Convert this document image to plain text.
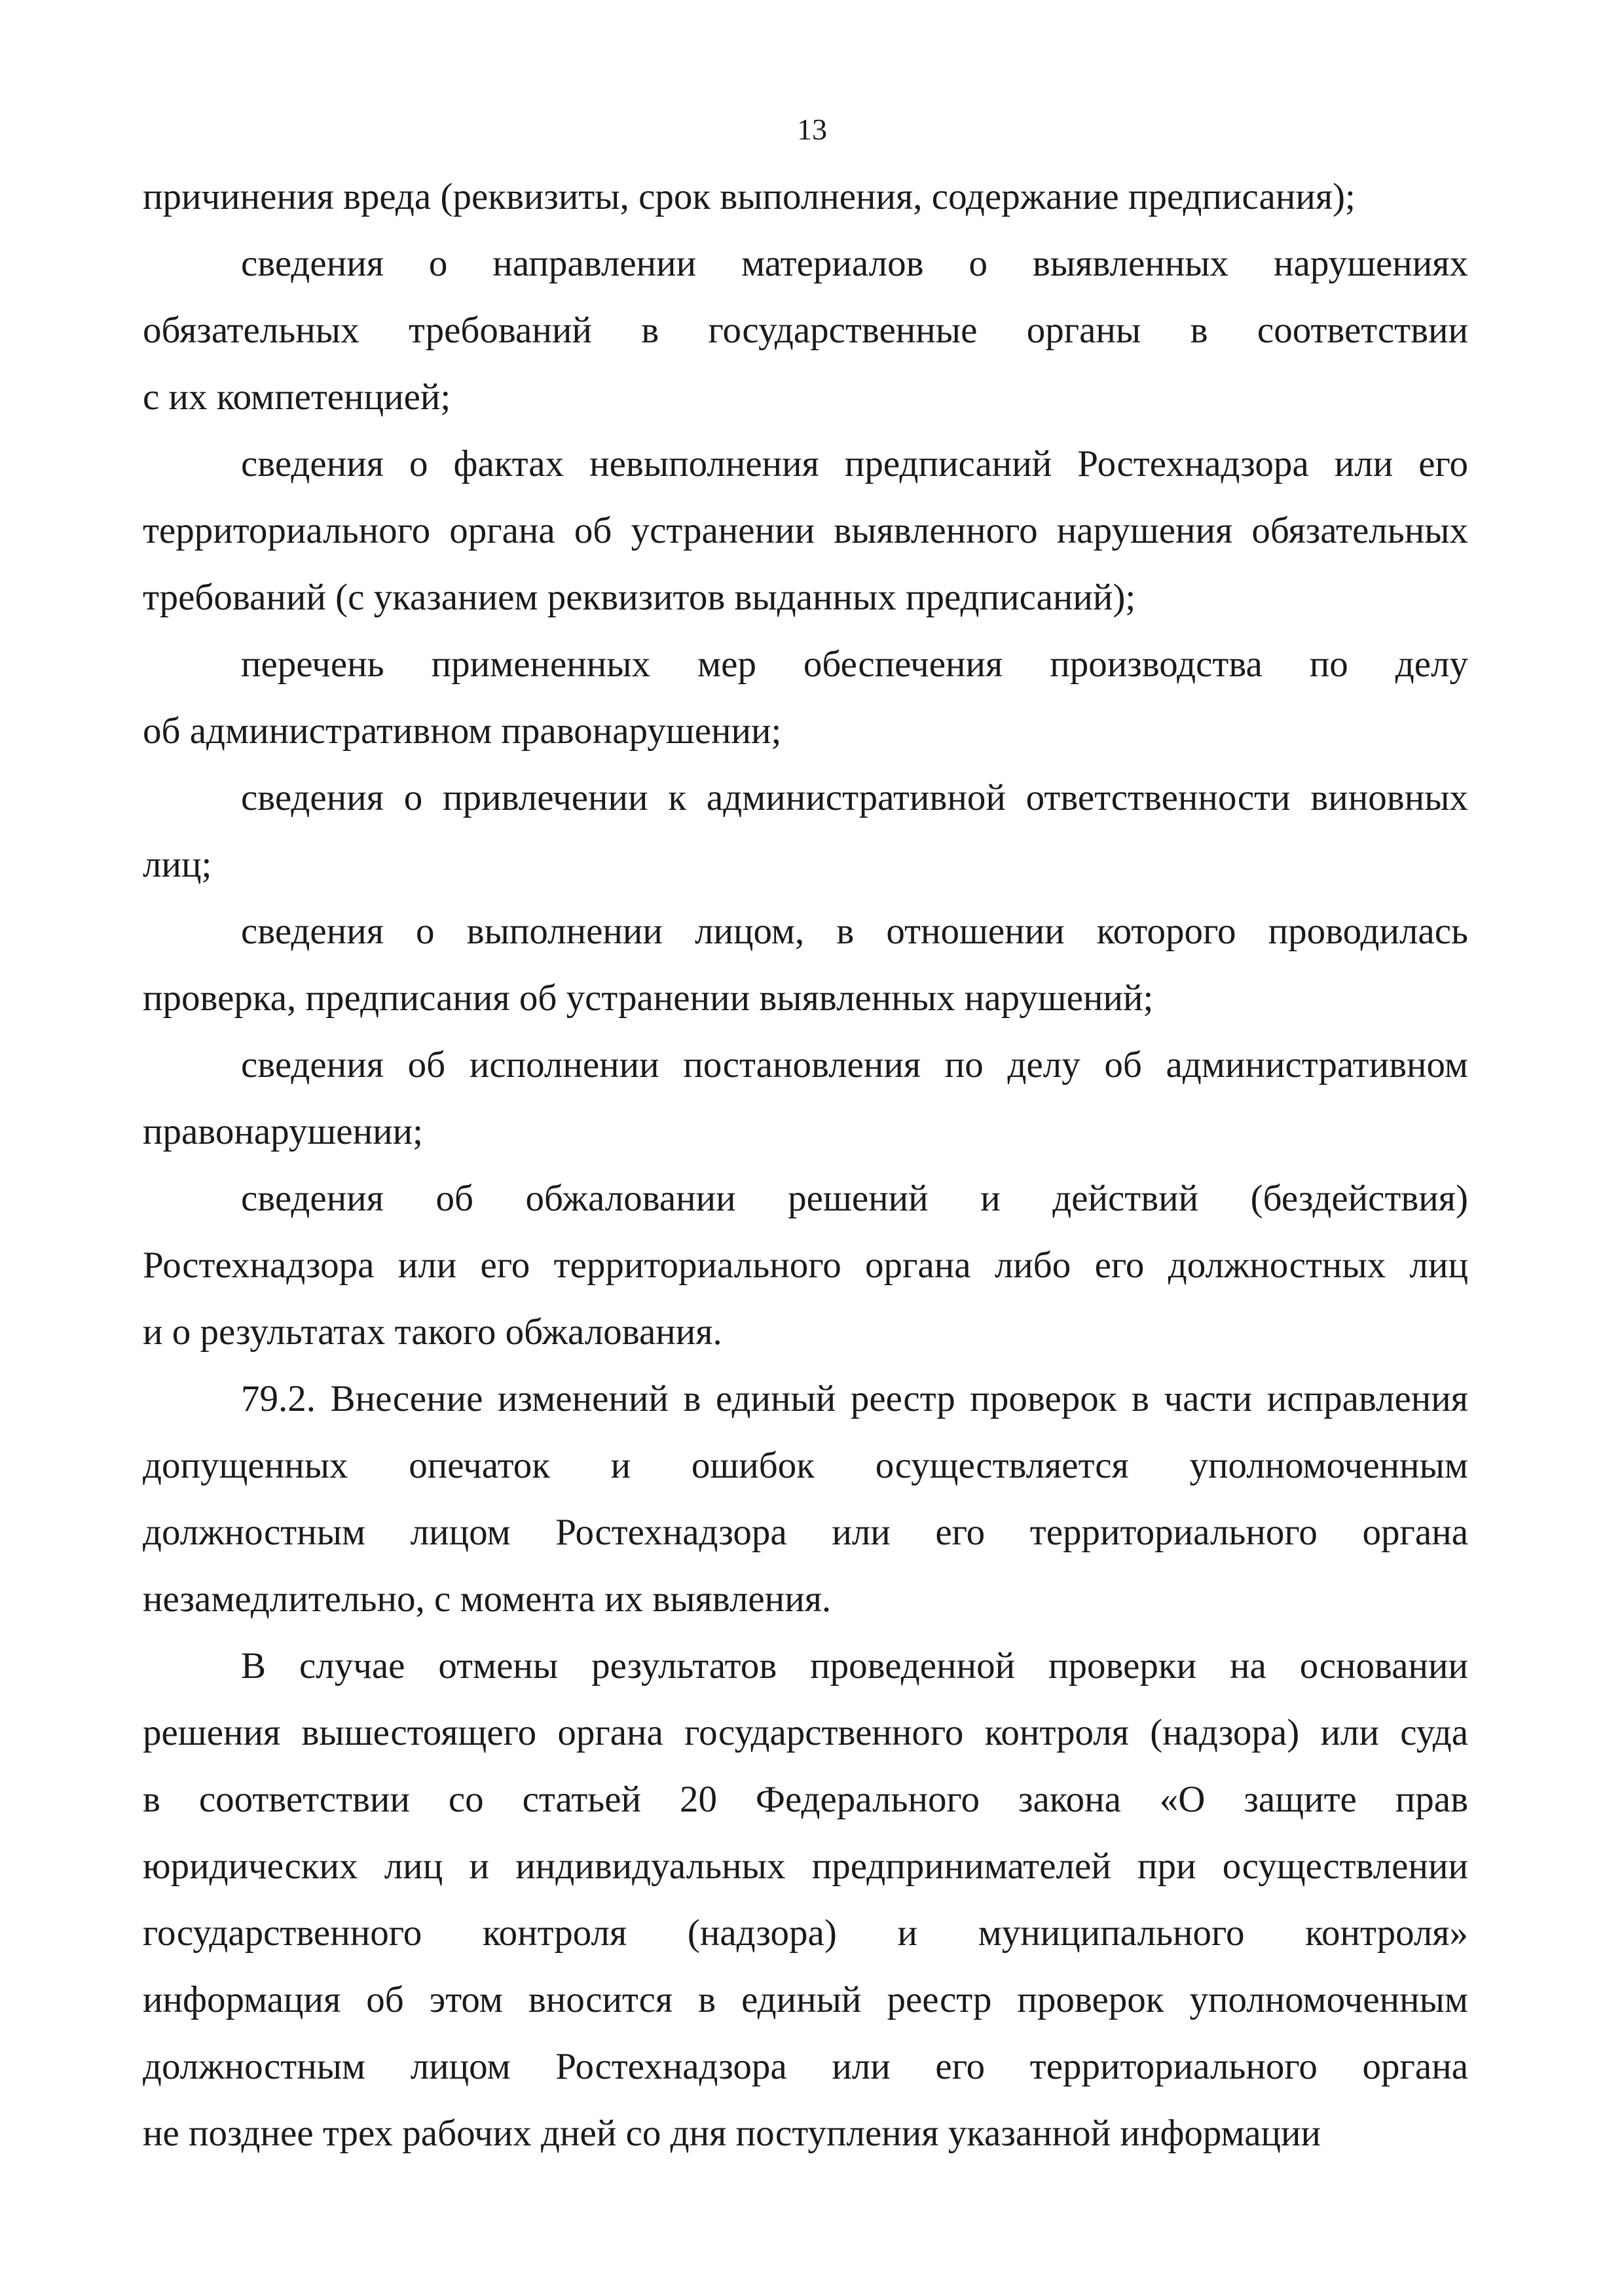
13
причинения вреда (реквизиты, срок выполнения, содержание предписания);
сведения о направлении материалов о выявленных нарушениях
обязательных требований в государственные органы в соответствии
с их компетенцией;
сведения о фактах невыполнения предписаний Ростехнадзора или его
территориального органа об устранении выявленного нарушения обязательных
требований (с указанием реквизитов выданных предписаний);
перечень примененных мер обеспечения производства по делу
об административном правонарушении;
сведения о привлечении к административной ответственности виновных
лиц;
сведения о выполнении лицом, в отношении которого проводилась
проверка, предписания об устранении выявленных нарушений;
сведения об исполнении постановления по делу об административном
правонарушении;
сведения об обжаловании решений и действий (бездействия)
Ростехнадзора или его территориального органа либо его должностных лиц
и о результатах такого обжалования.
79.2. Внесение изменений в единый реестр проверок в части исправления
допущенных опечаток и ошибок осуществляется уполномоченным
должностным лицом Ростехнадзора или его территориального органа
незамедлительно, с момента их выявления.
В случае отмены результатов проведенной проверки на основании
решения вышестоящего органа государственного контроля (надзора) или суда
в соответствии со статьей 20 Федерального закона «О защите прав
юридических лиц и индивидуальных предпринимателей при осуществлении
государственного контроля (надзора) и муниципального контроля»
информация об этом вносится в единый реестр проверок уполномоченным
должностным лицом Ростехнадзора или его территориального органа
не позднее трех рабочих дней со дня поступления указанной информации
